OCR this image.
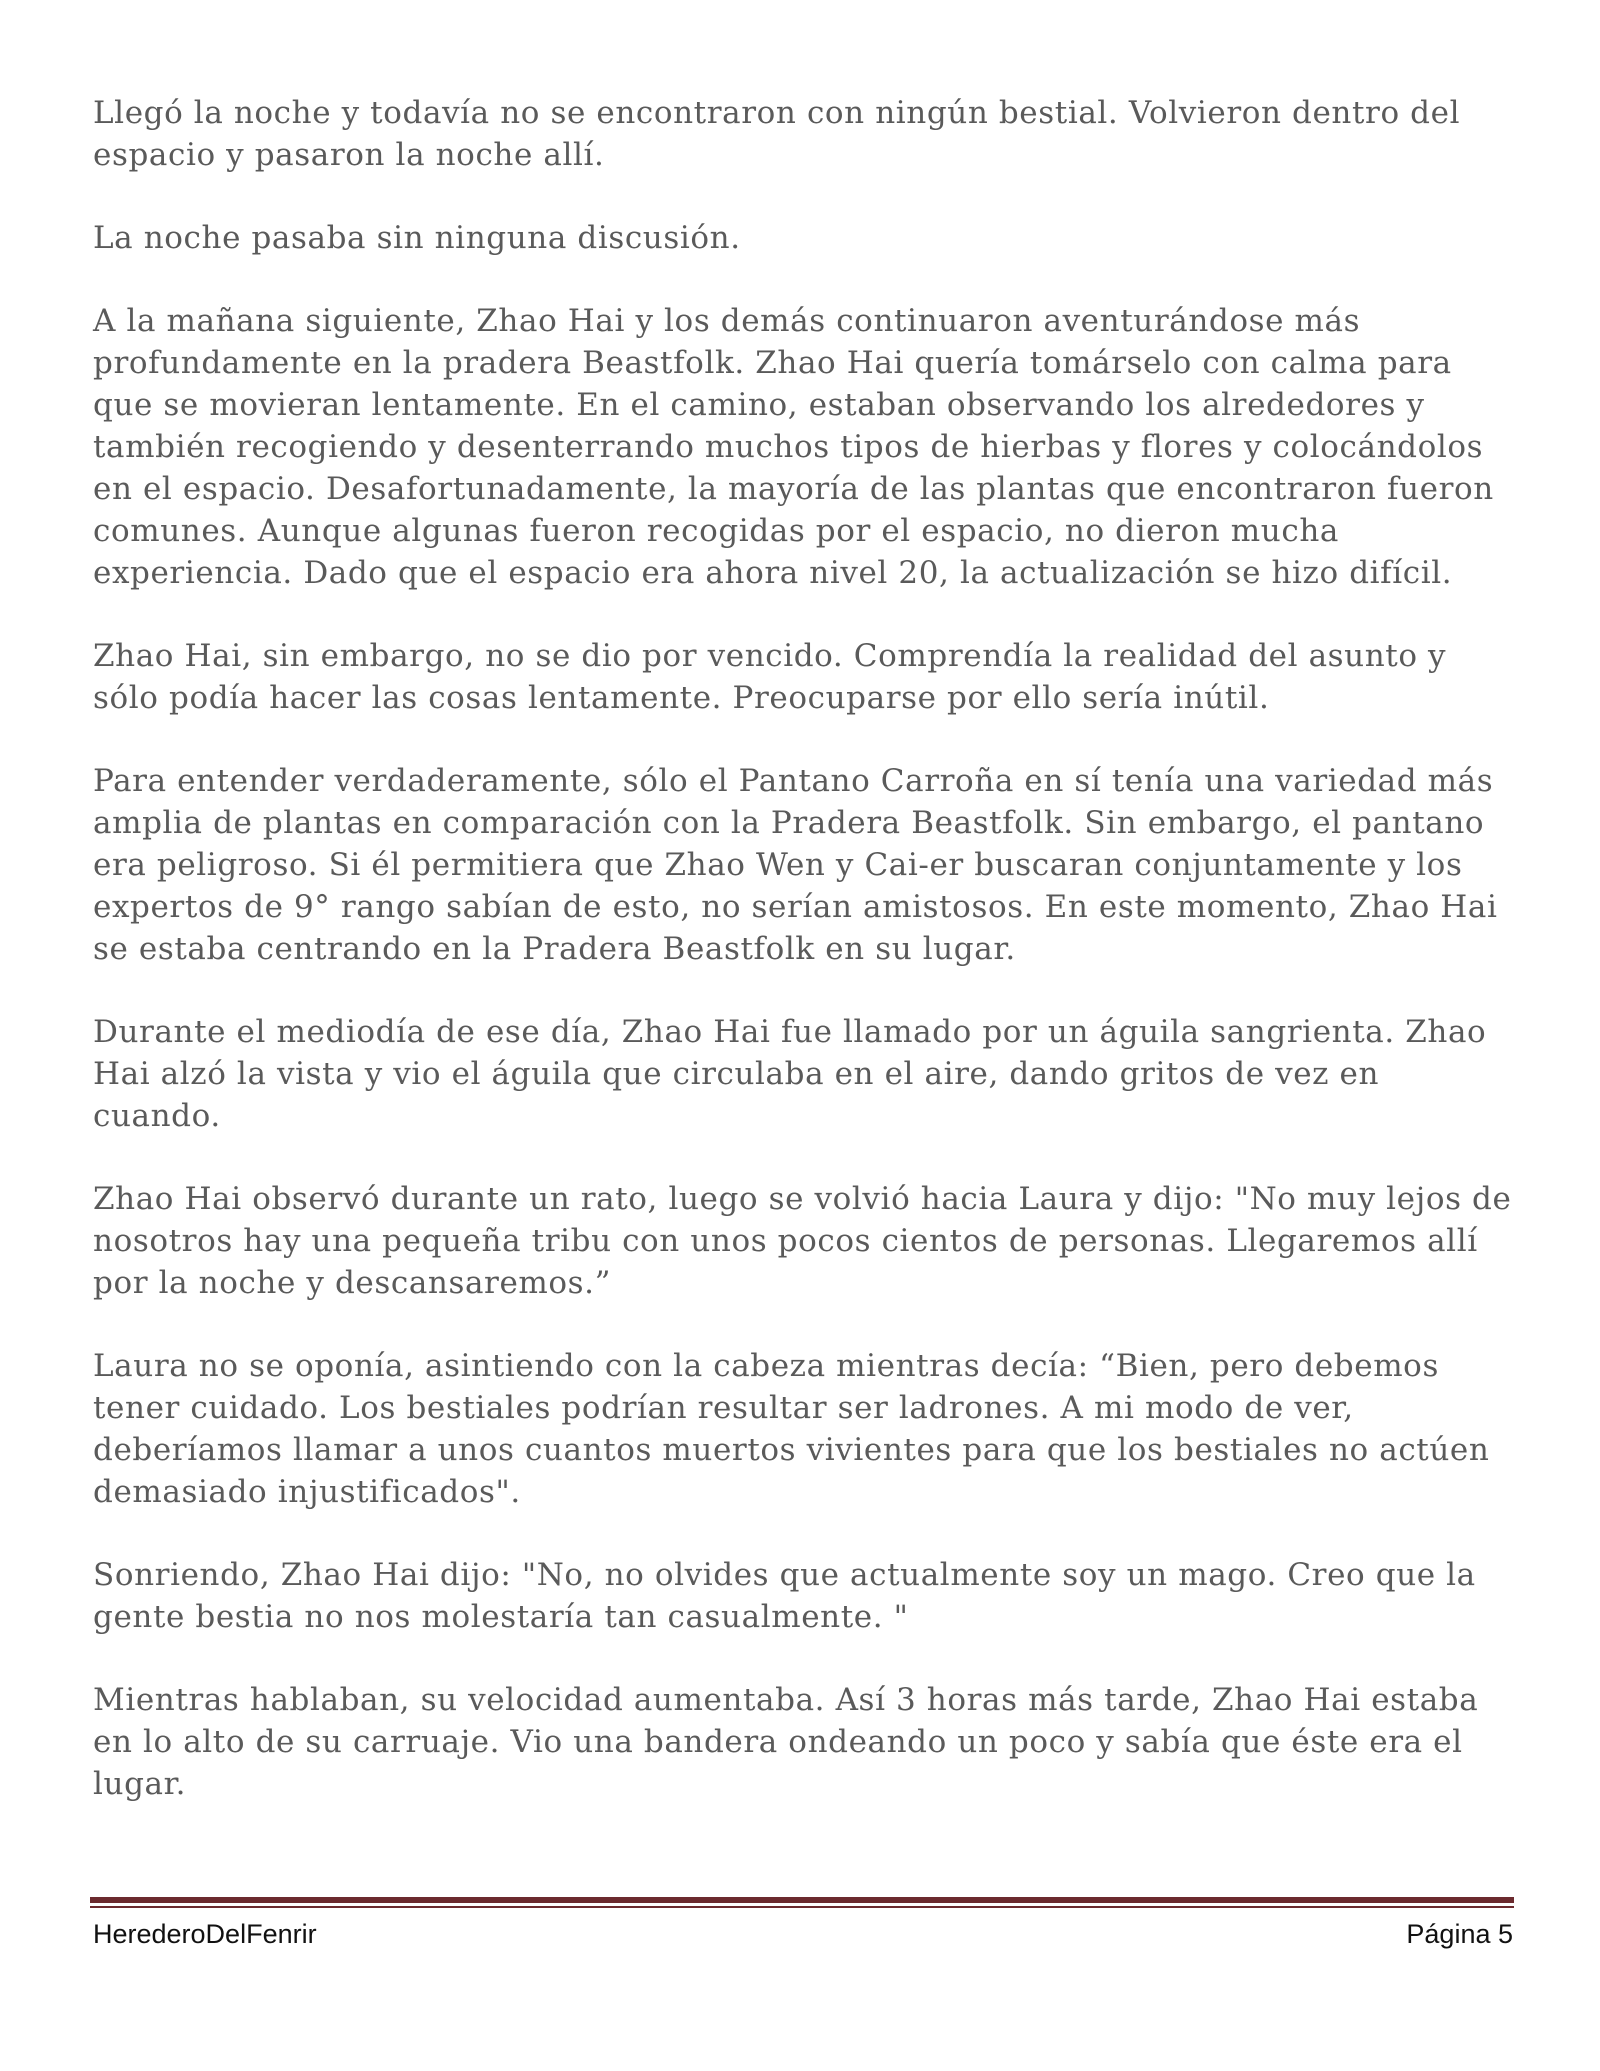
Llegó la noche y todavía no se encontraron con ningún bestial. Volvieron dentro del espacio y pasaron la noche allí.

La noche pasaba sin ninguna discusión.

A la mañana siguiente, Zhao Hai y los demás continuaron aventurándose más profundamente en la pradera Beastfolk. Zhao Hai quería tomárselo con calma para que se movieran lentamente. En el camino, estaban observando los alrededores y también recogiendo y desenterrando muchos tipos de hierbas y flores y colocándolos en el espacio. Desafortunadamente, la mayoría de las plantas que encontraron fueron comunes. Aunque algunas fueron recogidas por el espacio, no dieron mucha experiencia. Dado que el espacio era ahora nivel 20, la actualización se hizo difícil.

Zhao Hai, sin embargo, no se dio por vencido. Comprendía la realidad del asunto y sólo podía hacer las cosas lentamente. Preocuparse por ello sería inútil.

Para entender verdaderamente, sólo el Pantano Carroña en sí tenía una variedad más amplia de plantas en comparación con la Pradera Beastfolk. Sin embargo, el pantano era peligroso. Si él permitiera que Zhao Wen y Cai-er buscaran conjuntamente y los expertos de 9° rango sabían de esto, no serían amistosos. En este momento, Zhao Hai se estaba centrando en la Pradera Beastfolk en su lugar.

Durante el mediodía de ese día, Zhao Hai fue llamado por un águila sangrienta. Zhao Hai alzó la vista y vio el águila que circulaba en el aire, dando gritos de vez en cuando.

Zhao Hai observó durante un rato, luego se volvió hacia Laura y dijo: "No muy lejos de nosotros hay una pequeña tribu con unos pocos cientos de personas. Llegaremos allí por la noche y descansaremos.”

Laura no se oponía, asintiendo con la cabeza mientras decía: “Bien, pero debemos tener cuidado. Los bestiales podrían resultar ser ladrones. A mi modo de ver, deberíamos llamar a unos cuantos muertos vivientes para que los bestiales no actúen demasiado injustificados".

Sonriendo, Zhao Hai dijo: "No, no olvides que actualmente soy un mago. Creo que la gente bestia no nos molestaría tan casualmente. "

Mientras hablaban, su velocidad aumentaba. Así 3 horas más tarde, Zhao Hai estaba en lo alto de su carruaje. Vio una bandera ondeando un poco y sabía que éste era el lugar.

HerederoDelFenrir	Página 5
